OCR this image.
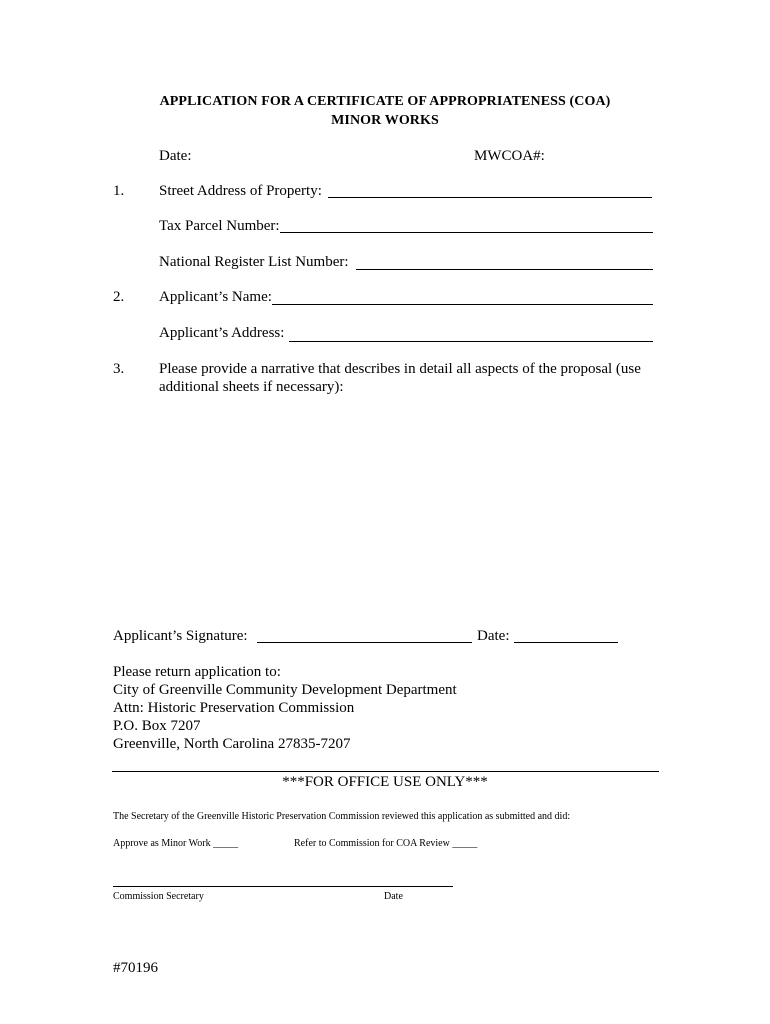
APPLICATION FOR A CERTIFICATE OF APPROPRIATENESS (COA)
MINOR WORKS
Date:	MWCOA#:
1. Street Address of Property:
Tax Parcel Number:
National Register List Number:
2. Applicant’s Name:
Applicant’s Address:
3. Please provide a narrative that describes in detail all aspects of the proposal (use
additional sheets if necessary):
Applicant’s Signature:	Date:
Please return application to:
City of Greenville Community Development Department
Attn: Historic Preservation Commission
P.O. Box 7207
Greenville, North Carolina 27835-7207
***FOR OFFICE USE ONLY***
The Secretary of the Greenville Historic Preservation Commission reviewed this application as submitted and did:
Approve as Minor Work _____	Refer to Commission for COA Review _____
Commission Secretary	Date
#70196
